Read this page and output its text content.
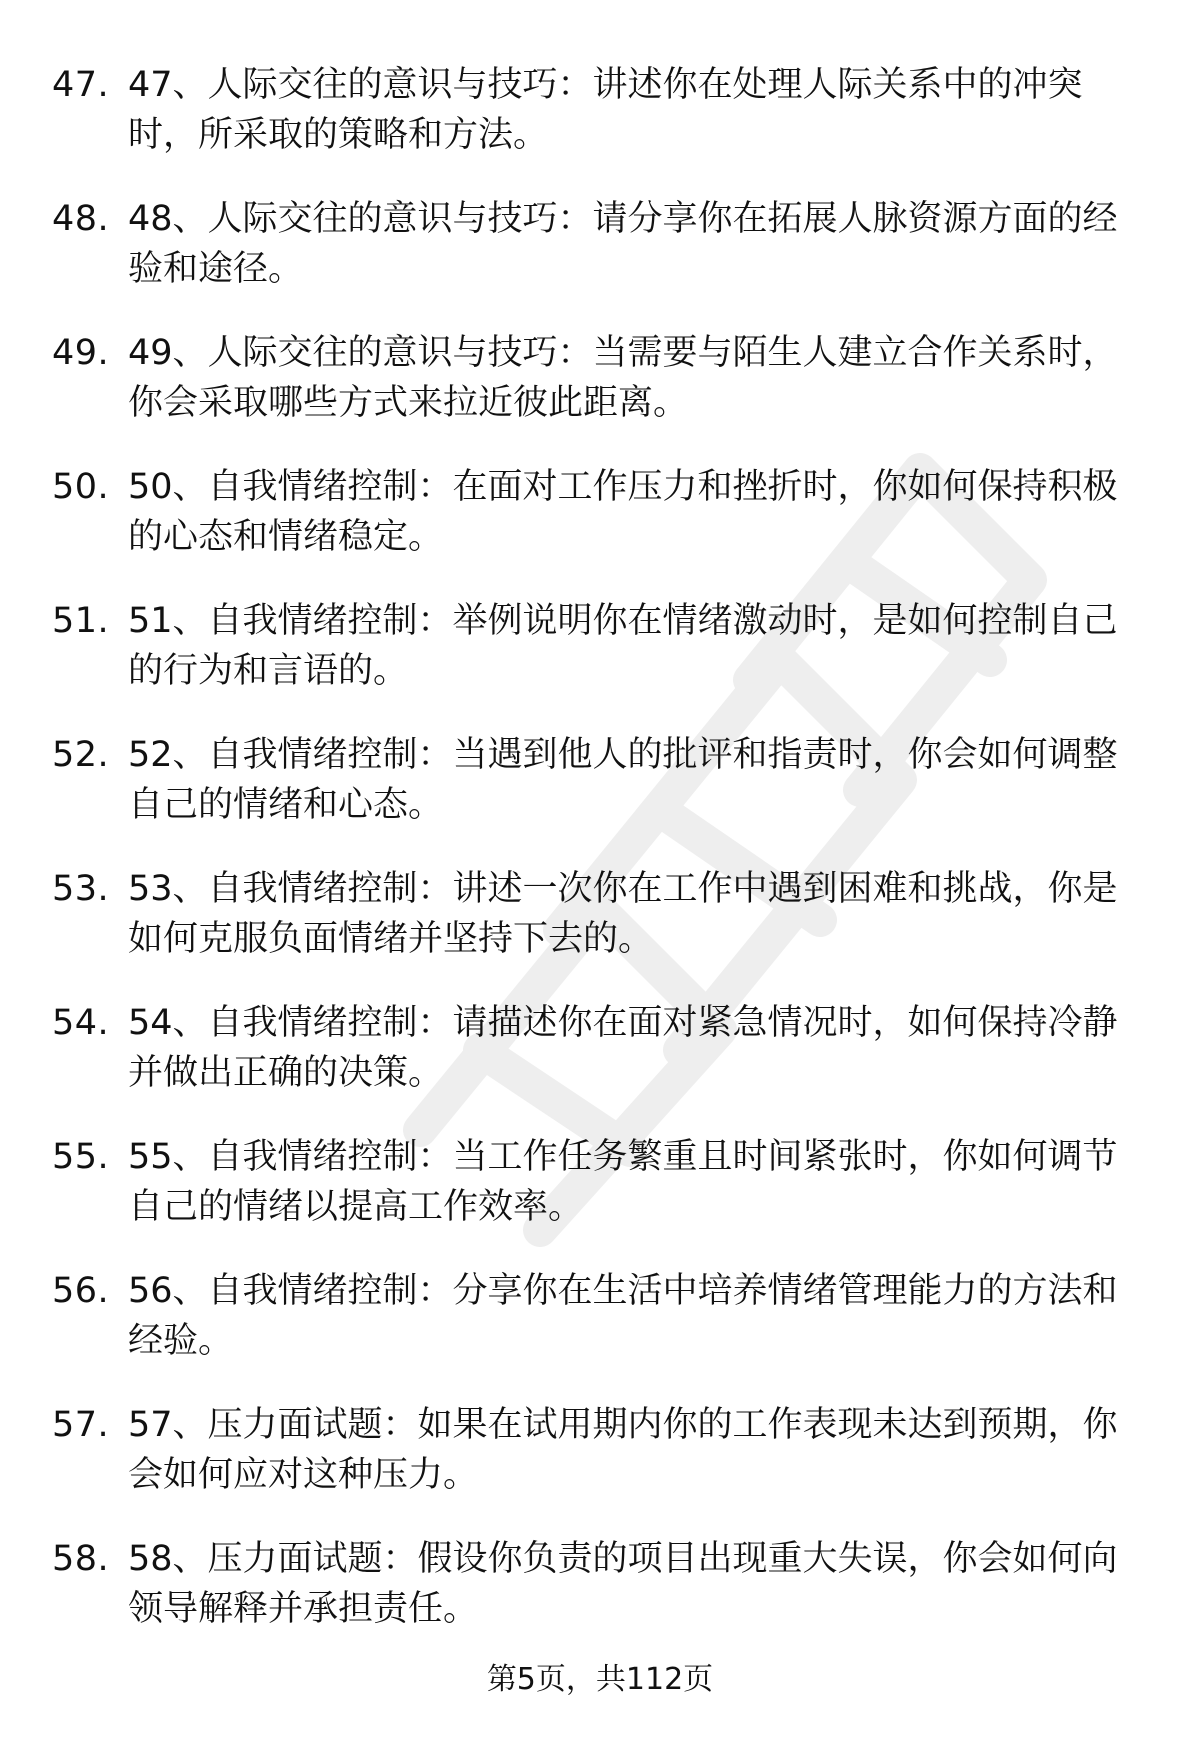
47. 47、人际交往的意识与技巧：讲述你在处理人际关系中的冲突时，所采取的策略和方法。
48. 48、人际交往的意识与技巧：请分享你在拓展人脉资源方面的经验和途径。
49. 49、人际交往的意识与技巧：当需要与陌生人建立合作关系时，你会采取哪些方式来拉近彼此距离。
50. 50、自我情绪控制：在面对工作压力和挫折时，你如何保持积极的心态和情绪稳定。
51. 51、自我情绪控制：举例说明你在情绪激动时，是如何控制自己的行为和言语的。
52. 52、自我情绪控制：当遇到他人的批评和指责时，你会如何调整自己的情绪和心态。
53. 53、自我情绪控制：讲述一次你在工作中遇到困难和挑战，你是如何克服负面情绪并坚持下去的。
54. 54、自我情绪控制：请描述你在面对紧急情况时，如何保持冷静并做出正确的决策。
55. 55、自我情绪控制：当工作任务繁重且时间紧张时，你如何调节自己的情绪以提高工作效率。
56. 56、自我情绪控制：分享你在生活中培养情绪管理能力的方法和经验。
57. 57、压力面试题：如果在试用期内你的工作表现未达到预期，你会如何应对这种压力。
58. 58、压力面试题：假设你负责的项目出现重大失误，你会如何向领导解释并承担责任。
第5页，共112页
